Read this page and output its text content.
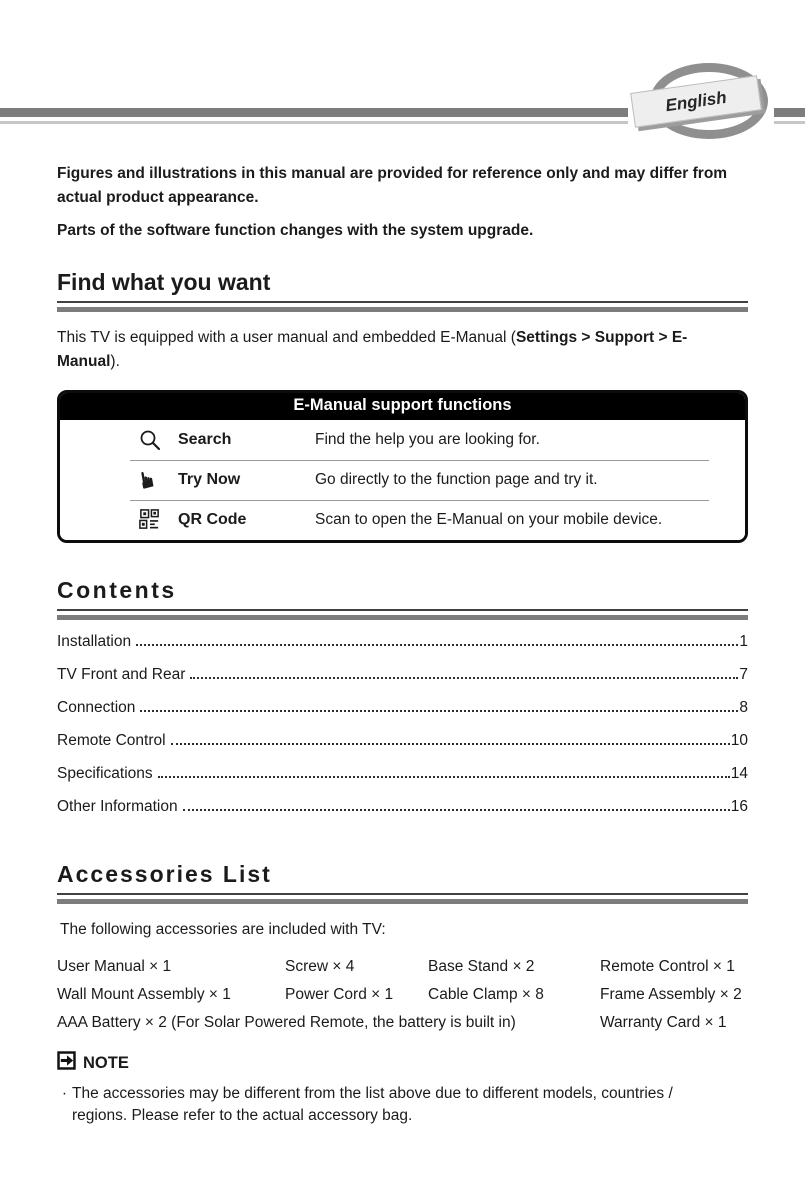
English

Figures and illustrations in this manual are provided for reference only and may differ from actual product appearance.

Parts of the software function changes with the system upgrade.

Find what you want

This TV is equipped with a user manual and embedded E-Manual (Settings > Support > E-Manual).

E-Manual support functions
Search	Find the help you are looking for.
☛ Try Now	Go directly to the function page and try it.
QR Code	Scan to open the E-Manual on your mobile device.
Contents
Installation	1
TV Front and Rear	7
Connection	8
Remote Control	10
Specifications	14
Other Information	16
Accessories List

The following accessories are included with TV:

User Manual × 1	Screw × 4	Base Stand × 2	Remote Control × 1
Wall Mount Assembly × 1	Power Cord × 1	Cable Clamp × 8	Frame Assembly × 2
AAA Battery × 2 (For Solar Powered Remote, the battery is built in)	Warranty Card × 1
NOTE
· The accessories may be different from the list above due to different models, countries / regions. Please refer to the actual accessory bag.
